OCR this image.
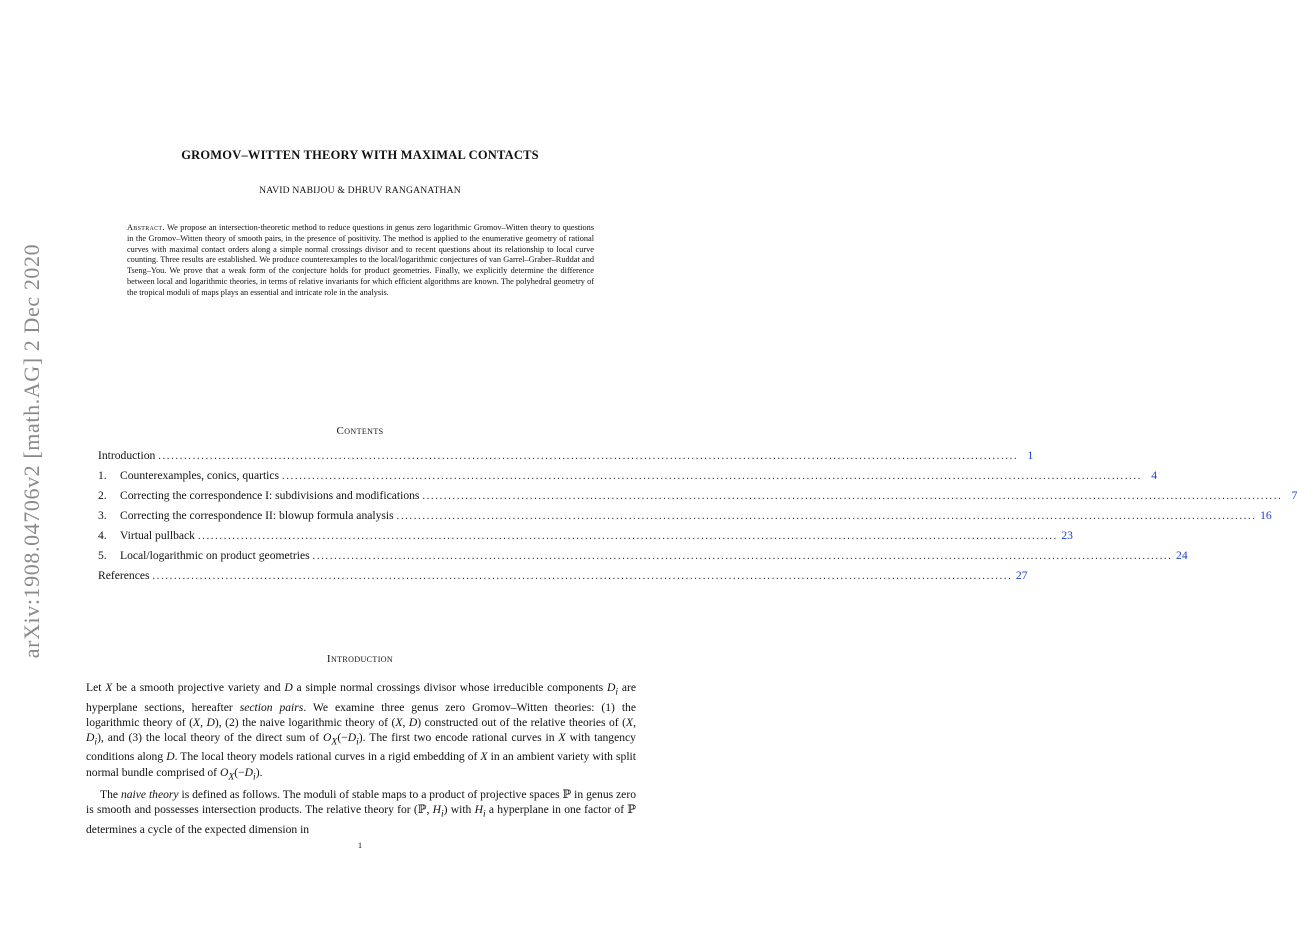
arXiv:1908.04706v2 [math.AG] 2 Dec 2020
GROMOV–WITTEN THEORY WITH MAXIMAL CONTACTS
NAVID NABIJOU & DHRUV RANGANATHAN
Abstract. We propose an intersection-theoretic method to reduce questions in genus zero logarithmic Gromov–Witten theory to questions in the Gromov–Witten theory of smooth pairs, in the presence of positivity. The method is applied to the enumerative geometry of rational curves with maximal contact orders along a simple normal crossings divisor and to recent questions about its relationship to local curve counting. Three results are established. We produce counterexamples to the local/logarithmic conjectures of van Garrel–Graber–Ruddat and Tseng–You. We prove that a weak form of the conjecture holds for product geometries. Finally, we explicitly determine the difference between local and logarithmic theories, in terms of relative invariants for which efficient algorithms are known. The polyhedral geometry of the tropical moduli of maps plays an essential and intricate role in the analysis.
Contents
Introduction ........................................................................................................................................................................................................ 1
1.	Counterexamples, conics, quartics ........................................................................................................................................................................................................ 4
2.	Correcting the correspondence I: subdivisions and modifications ........................................................................................................................................................................................................ 7
3.	Correcting the correspondence II: blowup formula analysis ........................................................................................................................................................................................................ 16
4.	Virtual pullback ........................................................................................................................................................................................................ 23
5.	Local/logarithmic on product geometries ........................................................................................................................................................................................................ 24
References ........................................................................................................................................................................................................ 27
Introduction

Let X be a smooth projective variety and D a simple normal crossings divisor whose irreducible components $D_i$ are hyperplane sections, hereafter section pairs. We examine three genus zero Gromov–Witten theories: (1) the logarithmic theory of (X, D), (2) the naive logarithmic theory of (X, D) constructed out of the relative theories of (X, $D_i$), and (3) the local theory of the direct sum of $O_X(-D_i)$. The first two encode rational curves in X with tangency conditions along D. The local theory models rational curves in a rigid embedding of X in an ambient variety with split normal bundle comprised of $O_X(-D_i)$.

The naive theory is defined as follows. The moduli of stable maps to a product of projective spaces ℙ in genus zero is smooth and possesses intersection products. The relative theory for (ℙ, $H_i$) with $H_i$ a hyperplane in one factor of ℙ determines a cycle of the expected dimension in

1
